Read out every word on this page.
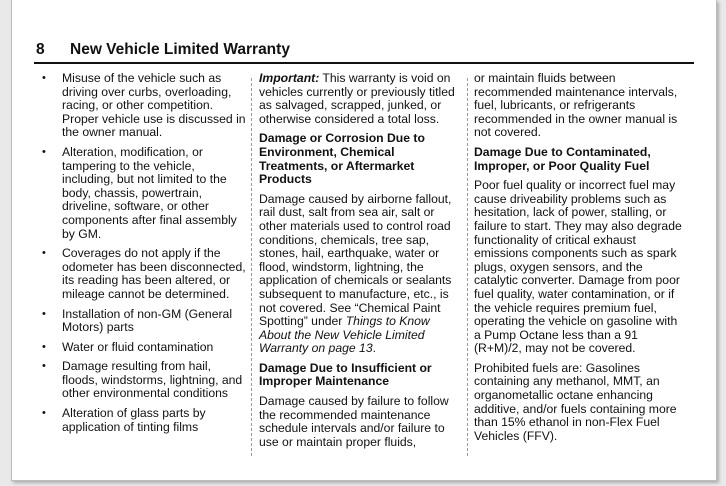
8 New Vehicle Limited Warranty
• Misuse of the vehicle such as driving over curbs, overloading, racing, or other competition. Proper vehicle use is discussed in the owner manual.
• Alteration, modification, or tampering to the vehicle, including, but not limited to the body, chassis, powertrain, driveline, software, or other components after final assembly by GM.
• Coverages do not apply if the odometer has been disconnected, its reading has been altered, or mileage cannot be determined.
• Installation of non-GM (General Motors) parts
• Water or fluid contamination
• Damage resulting from hail, floods, windstorms, lightning, and other environmental conditions
• Alteration of glass parts by application of tinting films

Important: This warranty is void on vehicles currently or previously titled as salvaged, scrapped, junked, or otherwise considered a total loss.

Damage or Corrosion Due to Environment, Chemical Treatments, or Aftermarket Products

Damage caused by airborne fallout, rail dust, salt from sea air, salt or other materials used to control road conditions, chemicals, tree sap, stones, hail, earthquake, water or flood, windstorm, lightning, the application of chemicals or sealants subsequent to manufacture, etc., is not covered. See “Chemical Paint Spotting” under Things to Know About the New Vehicle Limited Warranty on page 13.

Damage Due to Insufficient or Improper Maintenance

Damage caused by failure to follow the recommended maintenance schedule intervals and/or failure to use or maintain proper fluids,

or maintain fluids between recommended maintenance intervals, fuel, lubricants, or refrigerants recommended in the owner manual is not covered.

Damage Due to Contaminated, Improper, or Poor Quality Fuel

Poor fuel quality or incorrect fuel may cause driveability problems such as hesitation, lack of power, stalling, or failure to start. They may also degrade functionality of critical exhaust emissions components such as spark plugs, oxygen sensors, and the catalytic converter. Damage from poor fuel quality, water contamination, or if the vehicle requires premium fuel, operating the vehicle on gasoline with a Pump Octane less than a 91 (R+M)/2, may not be covered.

Prohibited fuels are: Gasolines containing any methanol, MMT, an organometallic octane enhancing additive, and/or fuels containing more than 15% ethanol in non-Flex Fuel Vehicles (FFV).
